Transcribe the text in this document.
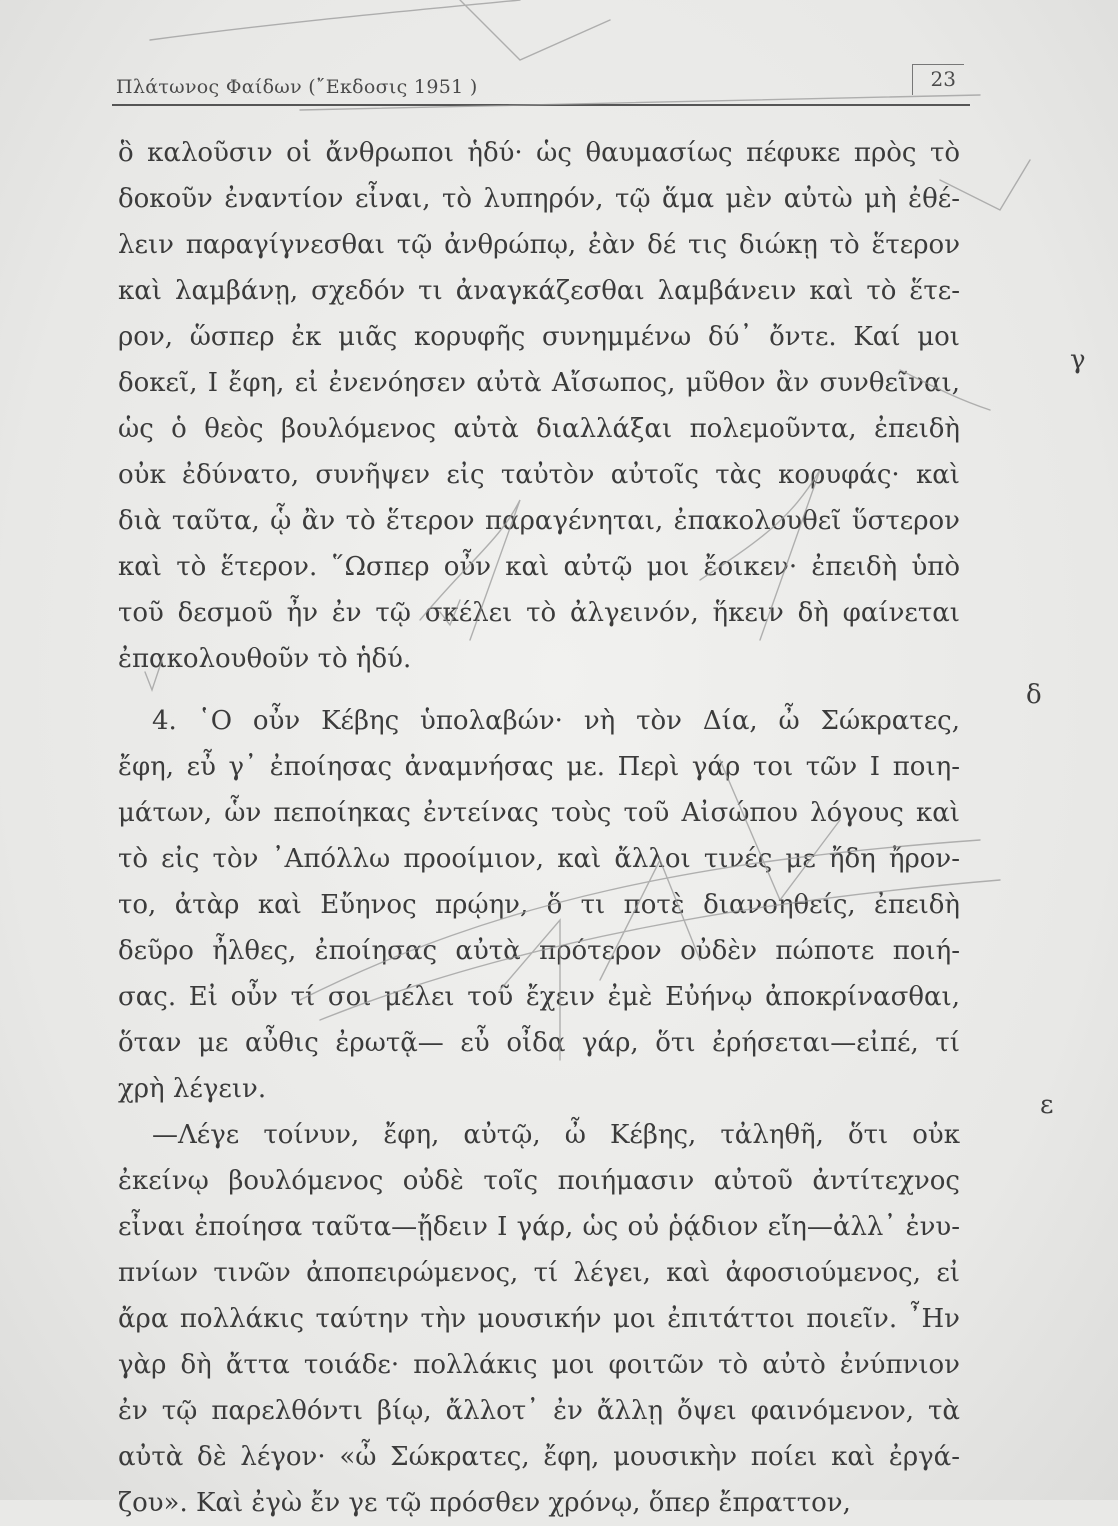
Πλάτωνος Φαίδων (῎Εκδοσις 1951 )	23
ὃ καλοῦσιν οἱ ἄνθρωποι ἡδύ· ὡς θαυμασίως πέφυκε πρὸς τὸ
δοκοῦν ἐναντίον εἶναι, τὸ λυπηρόν, τῷ ἅμα μὲν αὐτὼ μὴ ἐθέ-
λειν παραγίγνεσθαι τῷ ἀνθρώπῳ, ἐὰν δέ τις διώκῃ τὸ ἕτερον
καὶ λαμβάνῃ, σχεδόν τι ἀναγκάζεσθαι λαμβάνειν καὶ τὸ ἕτε-
ρον, ὥσπερ ἐκ μιᾶς κορυφῆς συνημμένω δύ᾽ ὄντε. Καί μοι
δοκεῖ, I ἔφη, εἰ ἐνενόησεν αὐτὰ Αἴσωπος, μῦθον ἂν συνθεῖναι,
ὡς ὁ θεὸς βουλόμενος αὐτὰ διαλλάξαι πολεμοῦντα, ἐπειδὴ
οὐκ ἐδύνατο, συνῆψεν εἰς ταὐτὸν αὐτοῖς τὰς κορυφάς· καὶ
διὰ ταῦτα, ᾧ ἂν τὸ ἕτερον παραγένηται, ἐπακολουθεῖ ὕστερον
καὶ τὸ ἕτερον. ῞Ωσπερ οὖν καὶ αὐτῷ μοι ἔοικεν· ἐπειδὴ ὑπὸ
τοῦ δεσμοῦ ἦν ἐν τῷ σκέλει τὸ ἀλγεινόν, ἥκειν δὴ φαίνεται
ἐπακολουθοῦν τὸ ἡδύ.
4. ῾Ο οὖν Κέβης ὑπολαβών· νὴ τὸν Δία, ὦ Σώκρατες,
ἔφη, εὖ γ᾽ ἐποίησας ἀναμνήσας με. Περὶ γάρ τοι τῶν I ποιη-
μάτων, ὧν πεποίηκας ἐντείνας τοὺς τοῦ Αἰσώπου λόγους καὶ
τὸ εἰς τὸν ᾽Απόλλω προοίμιον, καὶ ἄλλοι τινές με ἤδη ἤρον-
το, ἀτὰρ καὶ Εὔηνος πρῴην, ὅ τι ποτὲ διανοηθείς, ἐπειδὴ
δεῦρο ἦλθες, ἐποίησας αὐτὰ πρότερον οὐδὲν πώποτε ποιή-
σας. Εἰ οὖν τί σοι μέλει τοῦ ἔχειν ἐμὲ Εὐήνῳ ἀποκρίνασθαι,
ὅταν με αὖθις ἐρωτᾷ— εὖ οἶδα γάρ, ὅτι ἐρήσεται—εἰπέ, τί
χρὴ λέγειν.
—Λέγε τοίνυν, ἔφη, αὐτῷ, ὦ Κέβης, τἀληθῆ, ὅτι οὐκ
ἐκείνῳ βουλόμενος οὐδὲ τοῖς ποιήμασιν αὐτοῦ ἀντίτεχνος
εἶναι ἐποίησα ταῦτα—ᾔδειν I γάρ, ὡς οὐ ῥᾴδιον εἴη—ἀλλ᾽ ἐνυ-
πνίων τινῶν ἀποπειρώμενος, τί λέγει, καὶ ἀφοσιούμενος, εἰ
ἄρα πολλάκις ταύτην τὴν μουσικήν μοι ἐπιτάττοι ποιεῖν. ῏Ην
γὰρ δὴ ἄττα τοιάδε· πολλάκις μοι φοιτῶν τὸ αὐτὸ ἐνύπνιον
ἐν τῷ παρελθόντι βίῳ, ἄλλοτ᾽ ἐν ἄλλῃ ὄψει φαινόμενον, τὰ
αὐτὰ δὲ λέγον· «ὦ Σώκρατες, ἔφη, μουσικὴν ποίει καὶ ἐργά-
ζου». Καὶ ἐγὼ ἔν γε τῷ πρόσθεν χρόνῳ, ὅπερ ἔπραττον,
γ
δ
ε
